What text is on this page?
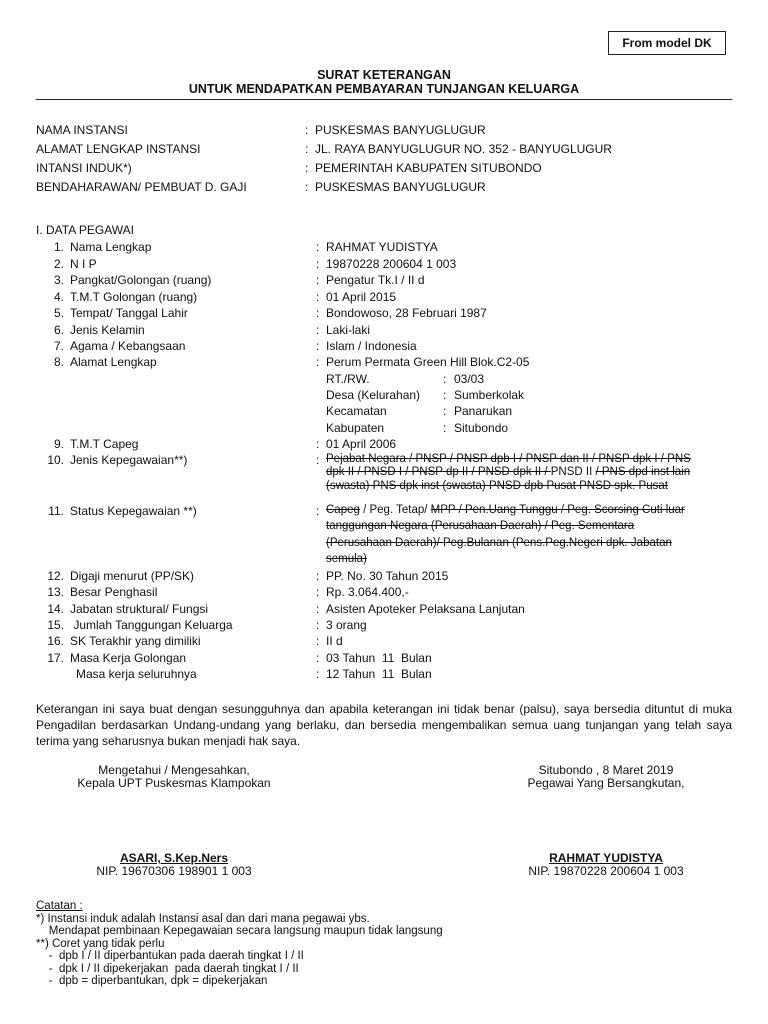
From model DK
SURAT KETERANGAN
UNTUK MENDAPATKAN PEMBAYARAN TUNJANGAN KELUARGA
NAMA INSTANSI	: PUSKESMAS BANYUGLUGUR
ALAMAT LENGKAP INSTANSI	: JL. RAYA BANYUGLUGUR NO. 352 - BANYUGLUGUR
INTANSI INDUK*)	: PEMERINTAH KABUPATEN SITUBONDO
BENDAHARAWAN/ PEMBUAT D. GAJI	: PUSKESMAS BANYUGLUGUR
I. DATA PEGAWAI
1. Nama Lengkap	: RAHMAT YUDISTYA
2. N I P	: 19870228 200604 1 003
3. Pangkat/Golongan (ruang)	: Pengatur Tk.I / II d
4. T.M.T Golongan (ruang)	: 01 April 2015
5. Tempat/ Tanggal Lahir	: Bondowoso, 28 Februari 1987
6. Jenis Kelamin	: Laki-laki
7. Agama / Kebangsaan	: Islam / Indonesia
8. Alamat Lengkap	: Perum Permata Green Hill Blok.C2-05
RT./RW.	: 03/03
Desa (Kelurahan) : Sumberkolak
Kecamatan	: Panarukan
Kabupaten	: Situbondo
9. T.M.T Capeg	: 01 April 2006
10. Jenis Kepegawaian**)	: Pejabat Negara / PNSP / PNSP dpb I / PNSP dan II / PNSP dpk I / PNS
dpk II / PNSD I / PNSP dp II / PNSD dpk II / PNSD II / PNS dpd inst lain
(swasta) PNS dpk inst (swasta) PNSD dpb Pusat PNSD spk. Pusat
11. Status Kepegawaian **)	: Capeg / Peg. Tetap/ MPP / Pen.Uang Tunggu / Peg. Scorsing Cuti luar
tanggungan Negara (Perusahaan Daerah) / Peg. Sementara
(Perusahaan Daerah)/ Peg.Bulanan (Pens.Peg.Negeri dpk. Jabatan
semula)
12. Digaji menurut (PP/SK)	: PP. No. 30 Tahun 2015
13. Besar Penghasil	: Rp. 3.064.400,-
14. Jabatan struktural/ Fungsi	: Asisten Apoteker Pelaksana Lanjutan
15. Jumlah Tanggungan Keluarga	: 3 orang
16. SK Terakhir yang dimiliki	: II d
17. Masa Kerja Golongan	: 03 Tahun  11  Bulan
Masa kerja seluruhnya	: 12 Tahun  11  Bulan
Keterangan ini saya buat dengan sesungguhnya dan apabila keterangan ini tidak benar (palsu), saya bersedia dituntut di muka Pengadilan berdasarkan Undang-undang yang berlaku, dan bersedia mengembalikan semua uang tunjangan yang telah saya terima yang seharusnya bukan menjadi hak saya.
Mengetahui / Mengesahkan,
Kepala UPT Puskesmas Klampokan
ASARI, S.Kep.Ners
NIP. 19670306 198901 1 003
Situbondo , 8 Maret 2019
Pegawai Yang Bersangkutan,
RAHMAT YUDISTYA
NIP. 19870228 200604 1 003
Catatan :
*) Instansi induk adalah Instansi asal dan dari mana pegawai ybs.
Mendapat pembinaan Kepegawaian secara langsung maupun tidak langsung
**) Coret yang tidak perlu
-  dpb I / II diperbantukan pada daerah tingkat I / II
-  dpk I / II dipekerjakan  pada daerah tingkat I / II
-  dpb = diperbantukan, dpk = dipekerjakan
